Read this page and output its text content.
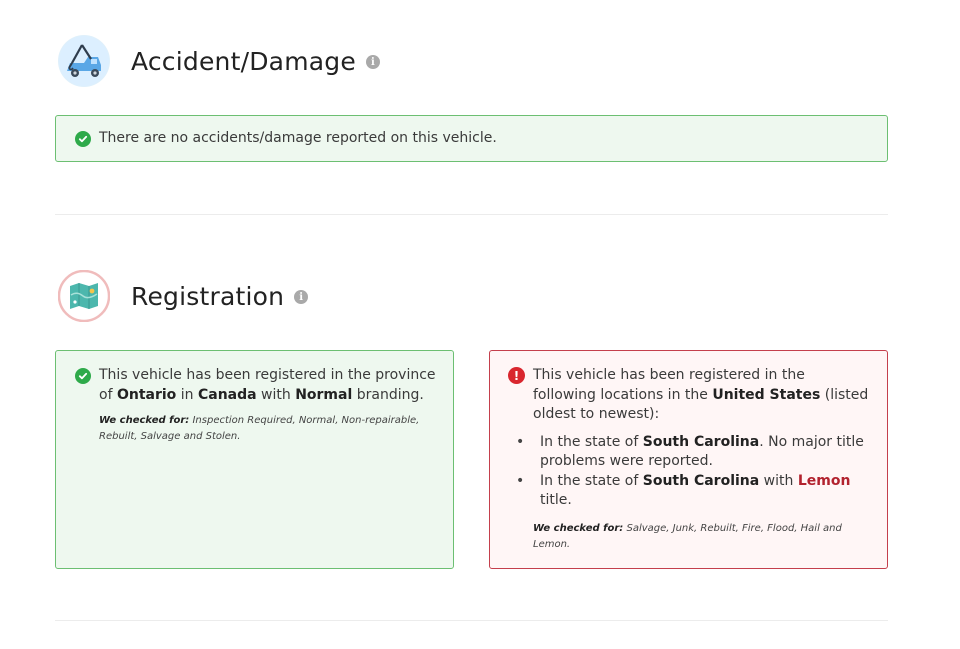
Accident/Damage	i
There are no accidents/damage reported on this vehicle.
Registration	i
This vehicle has been registered in the province of Ontario in Canada with Normal branding.
We checked for: Inspection Required, Normal, Non-repairable, Rebuilt, Salvage and Stolen.
! This vehicle has been registered in the following locations in the United States (listed oldest to newest):
• In the state of South Carolina. No major title problems were reported.
• In the state of South Carolina with Lemon title.
We checked for: Salvage, Junk, Rebuilt, Fire, Flood, Hail and Lemon.
